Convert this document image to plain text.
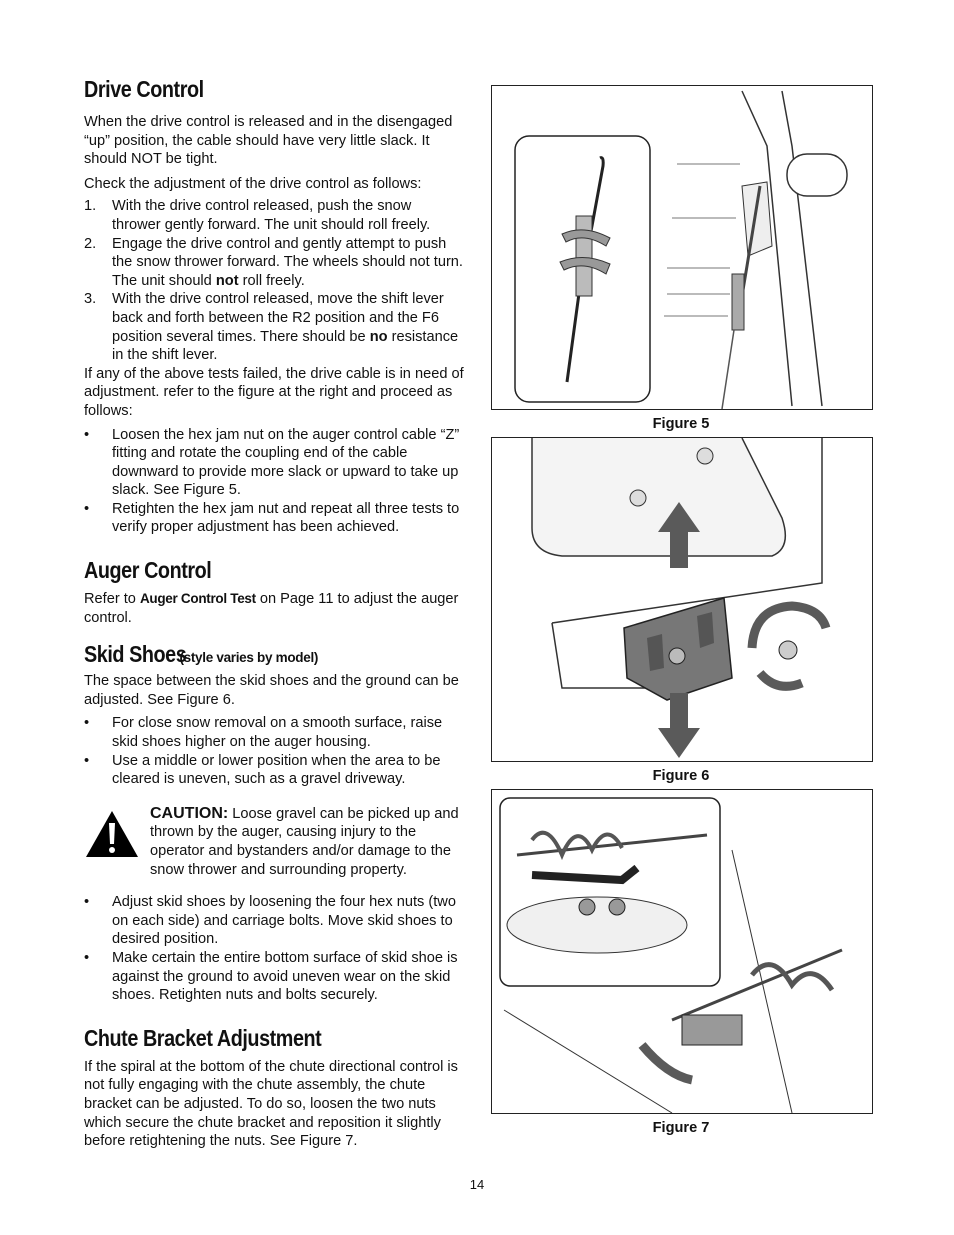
Drive Control

When the drive control is released and in the disengaged “up” position, the cable should have very little slack. It should NOT be tight.

Check the adjustment of the drive control as follows:

1. With the drive control released, push the snow thrower gently forward. The unit should roll freely.
2. Engage the drive control and gently attempt to push the snow thrower forward. The wheels should not turn. The unit should not roll freely.
3. With the drive control released, move the shift lever back and forth between the R2 position and the F6 position several times. There should be no resistance in the shift lever.

If any of the above tests failed, the drive cable is in need of adjustment. refer to the figure at the right and proceed as follows:

• Loosen the hex jam nut on the auger control cable “Z” fitting and rotate the coupling end of the cable downward to provide more slack or upward to take up slack. See Figure 5.
• Retighten the hex jam nut and repeat all three tests to verify proper adjustment has been achieved.
Auger Control

Refer to Auger Control Test on Page 11 to adjust the auger control.

Skid Shoes (style varies by model)

The space between the skid shoes and the ground can be adjusted. See Figure 6.

• For close snow removal on a smooth surface, raise skid shoes higher on the auger housing.
• Use a middle or lower position when the area to be cleared is uneven, such as a gravel driveway.

CAUTION: Loose gravel can be picked up and thrown by the auger, causing injury to the operator and bystanders and/or damage to the snow thrower and surrounding property.

• Adjust skid shoes by loosening the four hex nuts (two on each side) and carriage bolts. Move skid shoes to desired position.
• Make certain the entire bottom surface of skid shoe is against the ground to avoid uneven wear on the skid shoes. Retighten nuts and bolts securely.
Chute Bracket Adjustment

If the spiral at the bottom of the chute directional control is not fully engaging with the chute assembly, the chute bracket can be adjusted. To do so, loosen the two nuts which secure the chute bracket and reposition it slightly before retightening the nuts. See Figure 7.

Figure 5
Figure 6
Figure 7
14
